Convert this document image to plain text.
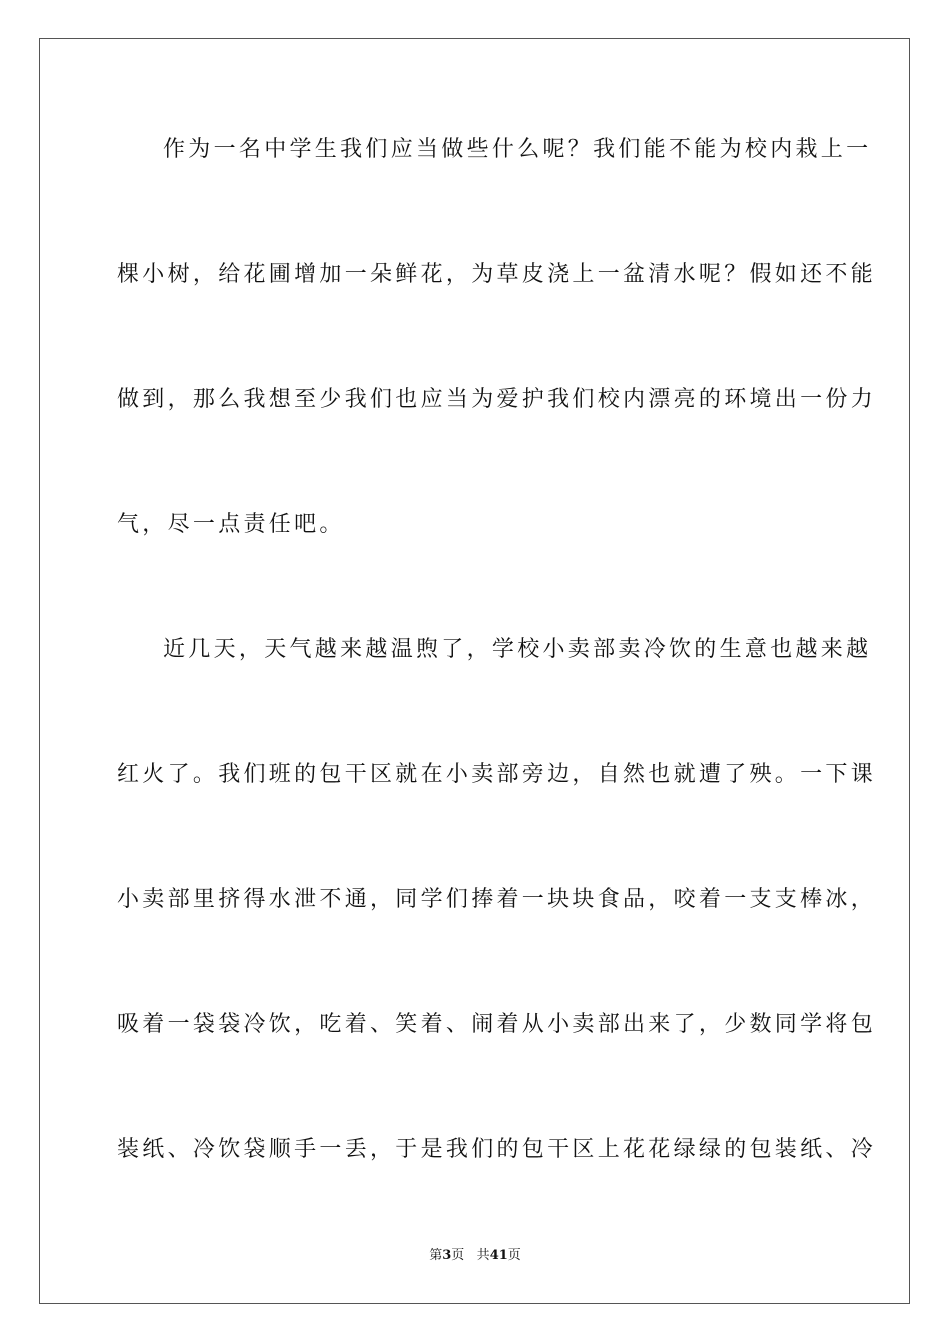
作为一名中学生我们应当做些什么呢？我们能不能为校内栽上一
棵小树，给花圃增加一朵鲜花，为草皮浇上一盆清水呢？假如还不能
做到，那么我想至少我们也应当为爱护我们校内漂亮的环境出一份力
气，尽一点责任吧。
近几天，天气越来越温煦了，学校小卖部卖冷饮的生意也越来越
红火了。我们班的包干区就在小卖部旁边，自然也就遭了殃。一下课
小卖部里挤得水泄不通，同学们捧着一块块食品，咬着一支支棒冰，
吸着一袋袋冷饮，吃着、笑着、闹着从小卖部出来了，少数同学将包
装纸、冷饮袋顺手一丢，于是我们的包干区上花花绿绿的包装纸、冷
第3页 共41页
